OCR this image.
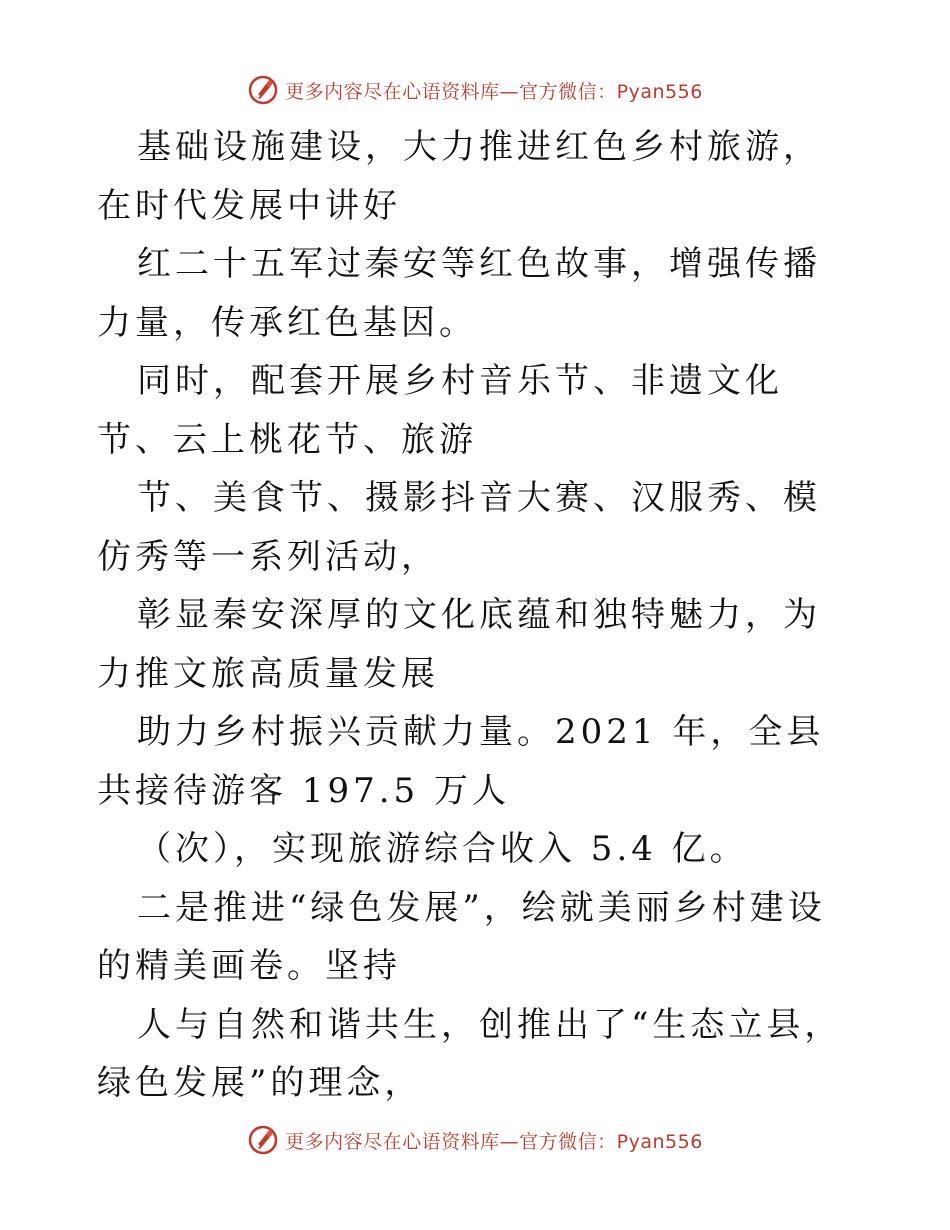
更多内容尽在心语资料库—官方微信：Pyan556

基础设施建设，大力推进红色乡村旅游，在时代发展中讲好

红二十五军过秦安等红色故事，增强传播力量，传承红色基因。

同时，配套开展乡村音乐节、非遗文化节、云上桃花节、旅游

节、美食节、摄影抖音大赛、汉服秀、模仿秀等一系列活动，

彰显秦安深厚的文化底蕴和独特魅力，为力推文旅高质量发展

助力乡村振兴贡献力量。2021 年，全县共接待游客 197.5 万人

（次），实现旅游综合收入 5.4 亿。

二是推进“绿色发展”，绘就美丽乡村建设的精美画卷。坚持

人与自然和谐共生，创推出了“生态立县，绿色发展”的理念，

更多内容尽在心语资料库—官方微信：Pyan556
